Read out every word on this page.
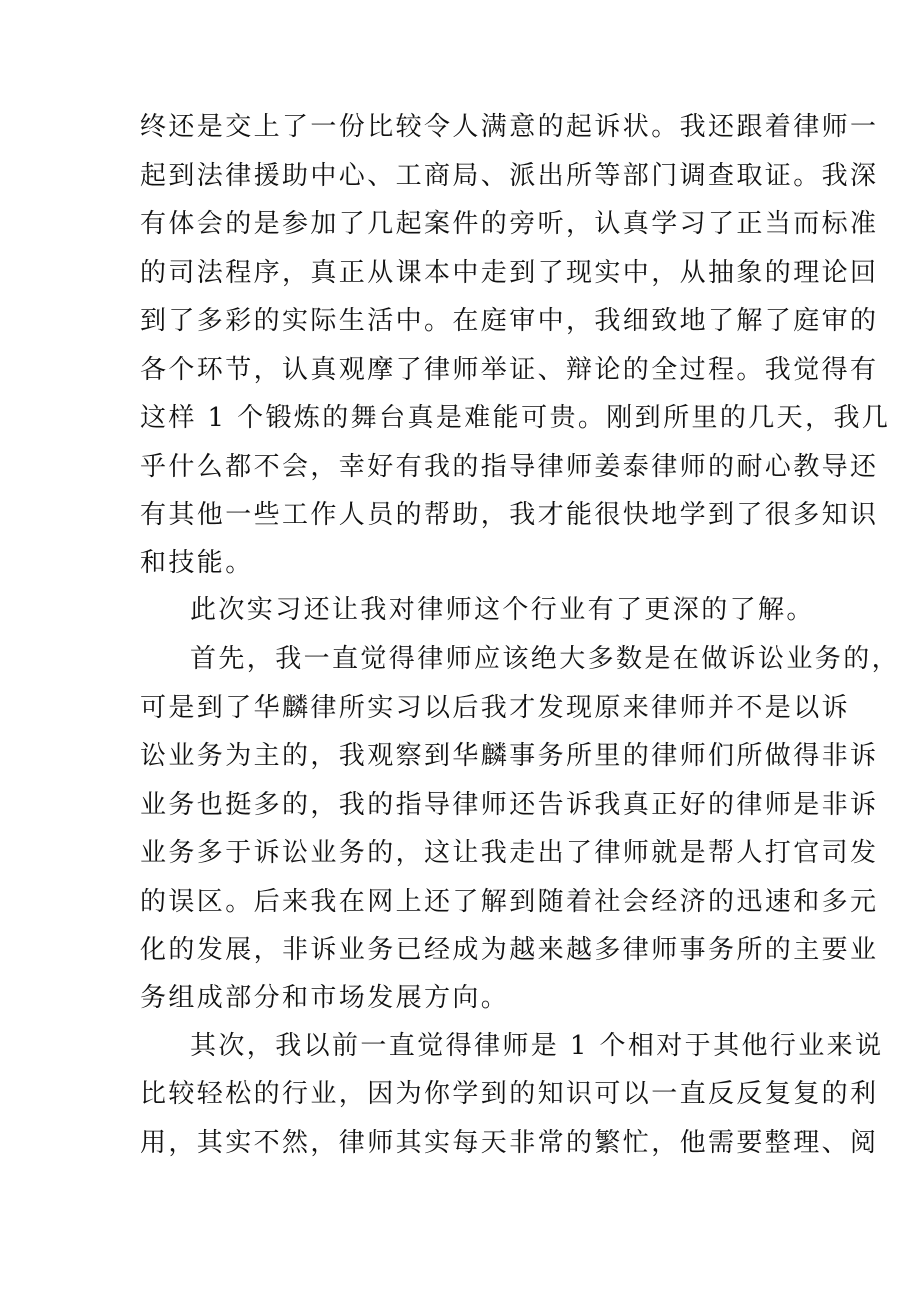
终还是交上了一份比较令人满意的起诉状。我还跟着律师一
起到法律援助中心、工商局、派出所等部门调查取证。我深
有体会的是参加了几起案件的旁听，认真学习了正当而标准
的司法程序，真正从课本中走到了现实中，从抽象的理论回
到了多彩的实际生活中。在庭审中，我细致地了解了庭审的
各个环节，认真观摩了律师举证、辩论的全过程。我觉得有
这样 1 个锻炼的舞台真是难能可贵。刚到所里的几天，我几
乎什么都不会，幸好有我的指导律师姜泰律师的耐心教导还
有其他一些工作人员的帮助，我才能很快地学到了很多知识
和技能。
此次实习还让我对律师这个行业有了更深的了解。
首先，我一直觉得律师应该绝大多数是在做诉讼业务的，
可是到了华麟律所实习以后我才发现原来律师并不是以诉
讼业务为主的，我观察到华麟事务所里的律师们所做得非诉
业务也挺多的，我的指导律师还告诉我真正好的律师是非诉
业务多于诉讼业务的，这让我走出了律师就是帮人打官司发
的误区。后来我在网上还了解到随着社会经济的迅速和多元
化的发展，非诉业务已经成为越来越多律师事务所的主要业
务组成部分和市场发展方向。
其次，我以前一直觉得律师是 1 个相对于其他行业来说
比较轻松的行业，因为你学到的知识可以一直反反复复的利
用，其实不然，律师其实每天非常的繁忙，他需要整理、阅
